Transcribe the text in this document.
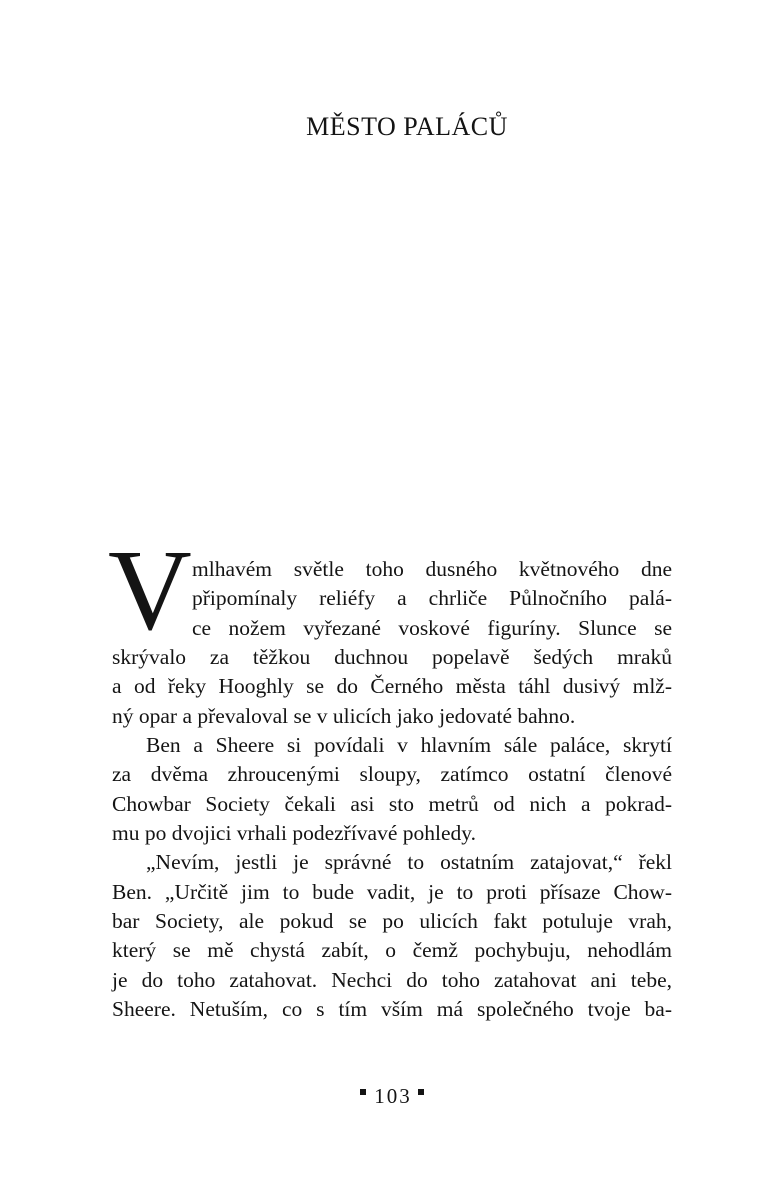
MĚSTO PALÁCŮ
V mlhavém světle toho dusného květnového dne
připomínaly reliéfy a chrliče Půlnočního palá-
ce nožem vyřezané voskové figuríny. Slunce se
skrývalo za těžkou duchnou popelavě šedých mraků
a od řeky Hooghly se do Černého města táhl dusivý mlž-
ný opar a převaloval se v ulicích jako jedovaté bahno.
Ben a Sheere si povídali v hlavním sále paláce, skrytí
za dvěma zhroucenými sloupy, zatímco ostatní členové
Chowbar Society čekali asi sto metrů od nich a pokrad-
mu po dvojici vrhali podezřívavé pohledy.
„Nevím, jestli je správné to ostatním zatajovat,“ řekl
Ben. „Určitě jim to bude vadit, je to proti přísaze Chow-
bar Society, ale pokud se po ulicích fakt potuluje vrah,
který se mě chystá zabít, o čemž pochybuju, nehodlám
je do toho zatahovat. Nechci do toho zatahovat ani tebe,
Sheere. Netuším, co s tím vším má společného tvoje ba-
103
